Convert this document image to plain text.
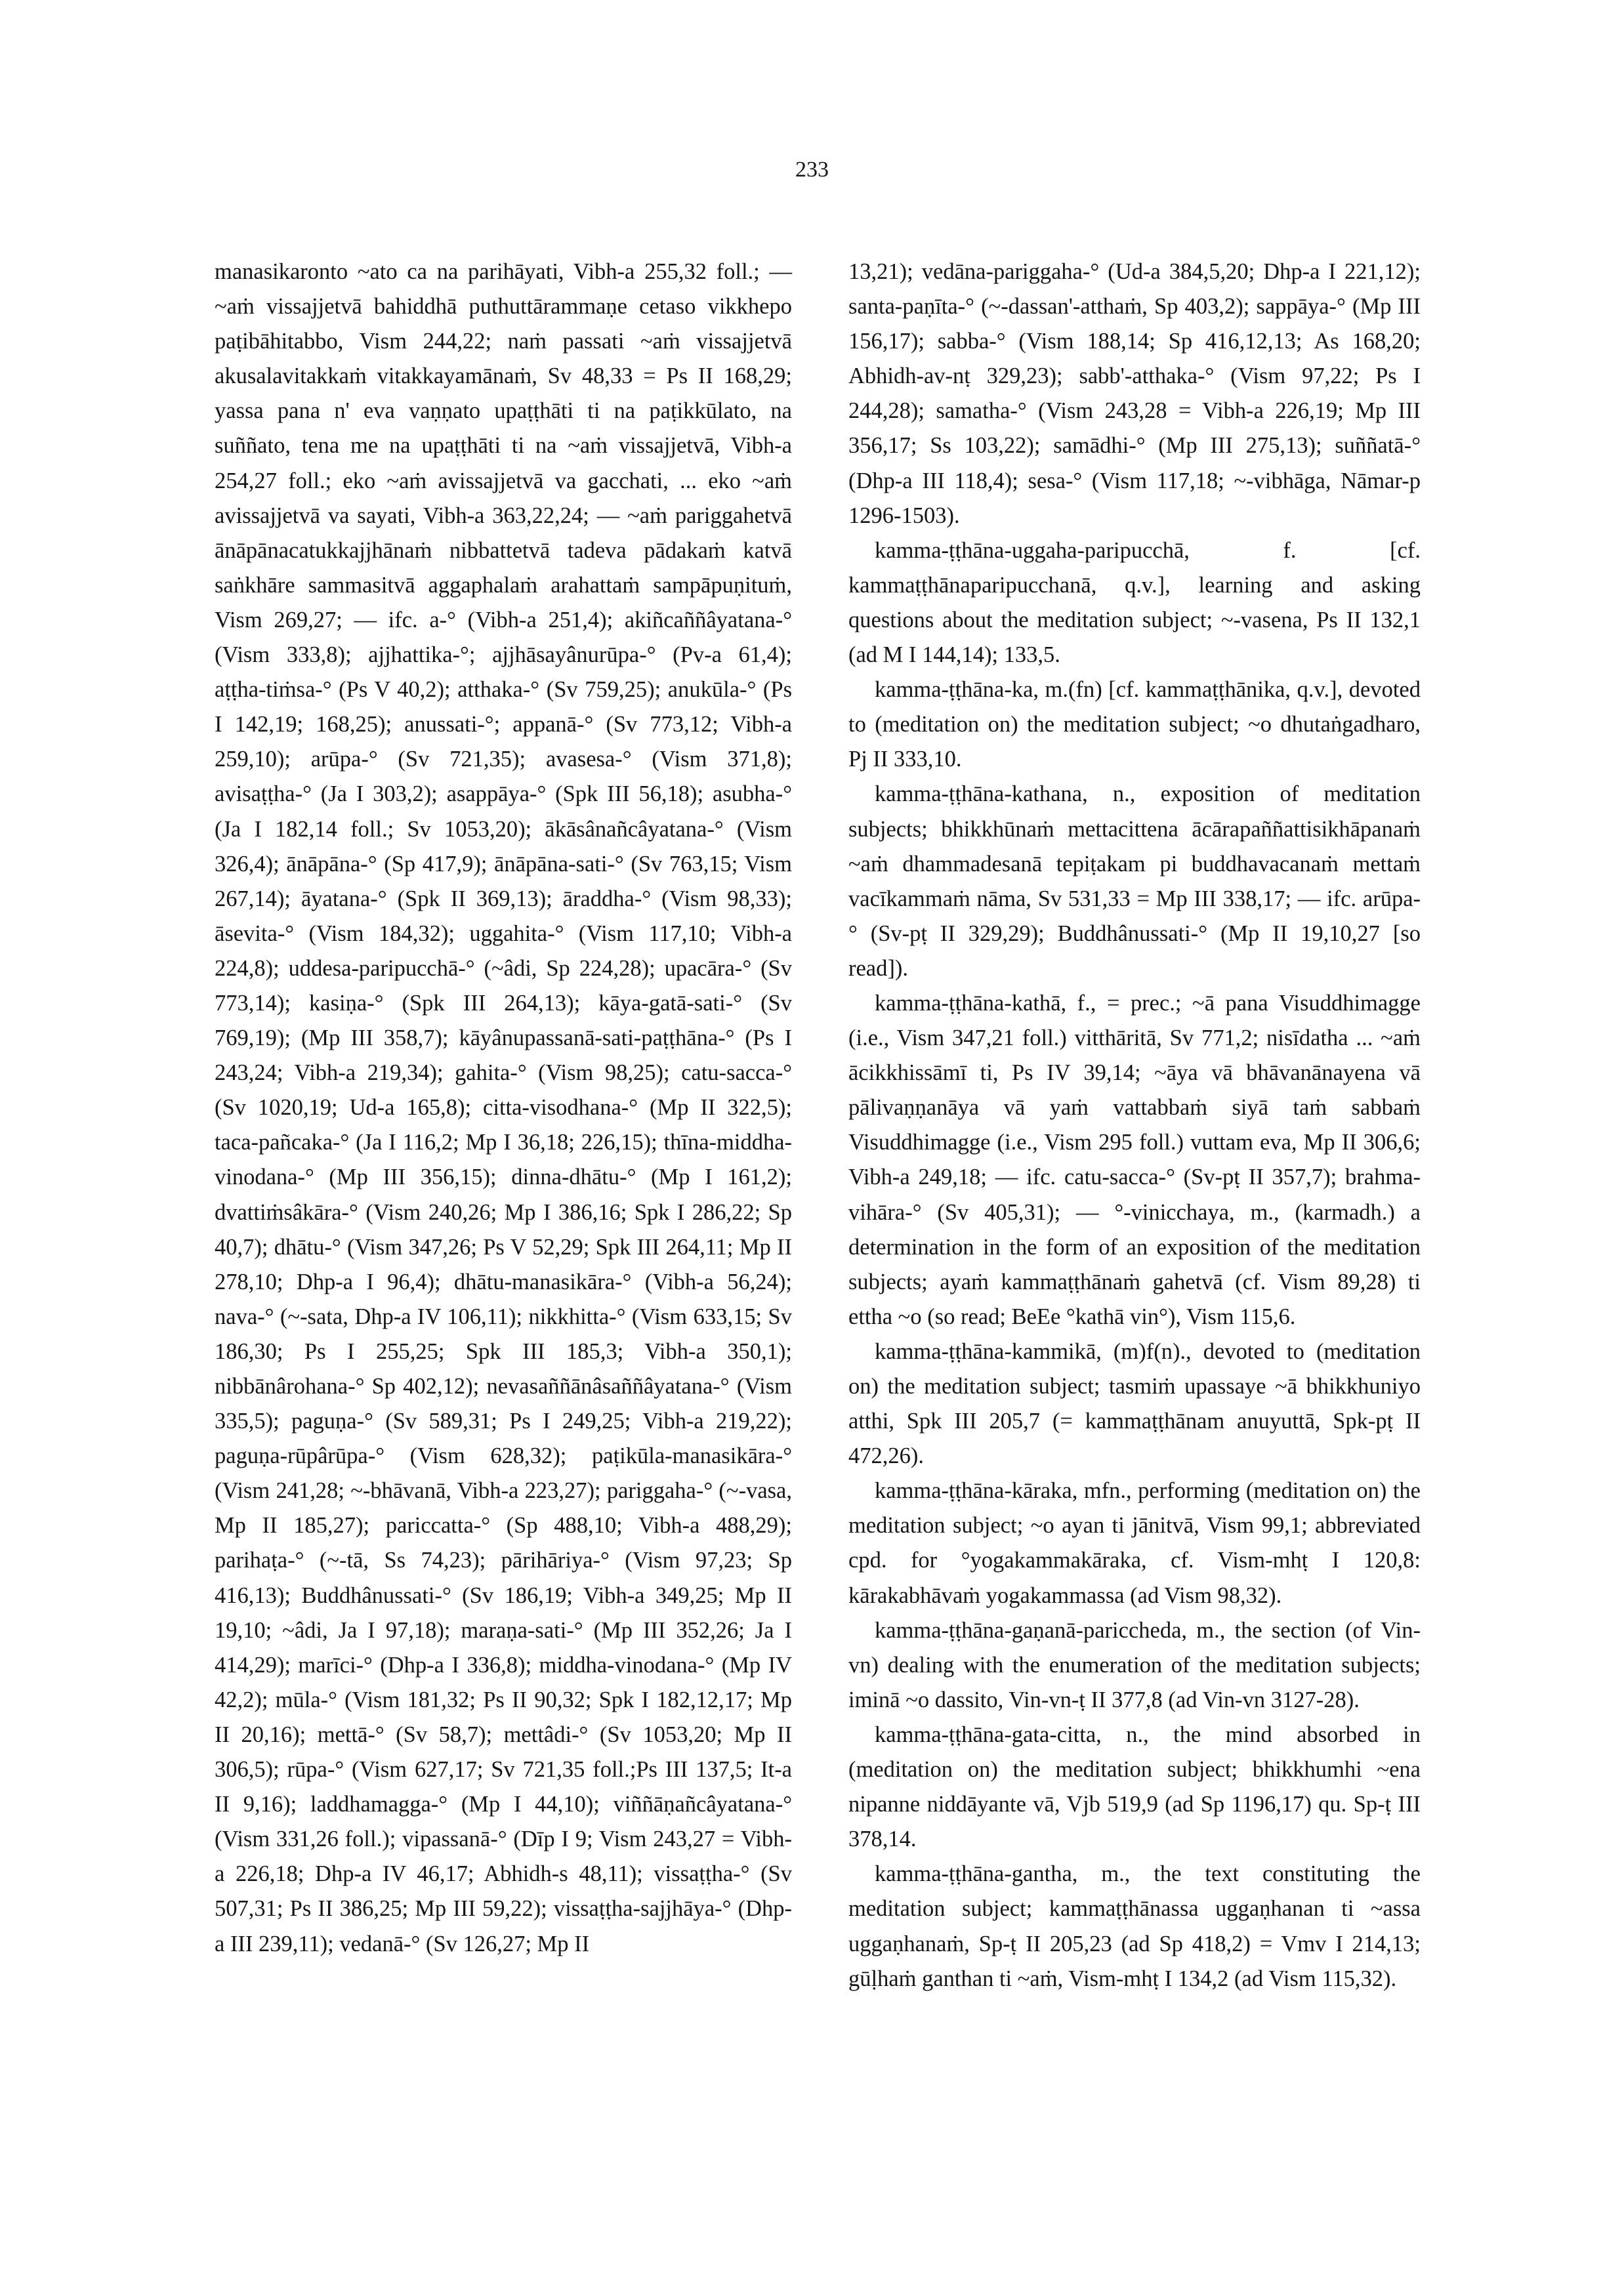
233

manasikaronto ~ato ca na parihāyati, Vibh-a 255,32 foll.; — ~aṁ vissajjetvā bahiddhā puthuttārammaṇe cetaso vikkhepo paṭibāhitabbo, Vism 244,22; naṁ passati ~aṁ vissajjetvā akusalavitakkaṁ vitakkayamānaṁ, Sv 48,33 = Ps II 168,29; yassa pana n' eva vaṇṇato upaṭṭhāti ti na paṭikkūlato, na suññato, tena me na upaṭṭhāti ti na ~aṁ vissajjetvā, Vibh-a 254,27 foll.; eko ~aṁ avissajjetvā va gacchati, ... eko ~aṁ avissajjetvā va sayati, Vibh-a 363,22,24; — ~aṁ pariggahetvā ānāpānacatukkajjhānaṁ nibbattetvā tadeva pādakaṁ katvā saṅkhāre sammasitvā aggaphalaṁ arahattaṁ sampāpuṇituṁ, Vism 269,27; — ifc. a-° (Vibh-a 251,4); akiñcaññâyatana-° (Vism 333,8); ajjhattika-°; ajjhāsayânurūpa-° (Pv-a 61,4); aṭṭha-tiṁsa-° (Ps V 40,2); atthaka-° (Sv 759,25); anukūla-° (Ps I 142,19; 168,25); anussati-°; appanā-° (Sv 773,12; Vibh-a 259,10); arūpa-° (Sv 721,35); avasesa-° (Vism 371,8); avisaṭṭha-° (Ja I 303,2); asappāya-° (Spk III 56,18); asubha-° (Ja I 182,14 foll.; Sv 1053,20); ākāsânañcâyatana-° (Vism 326,4); ānāpāna-° (Sp 417,9); ānāpāna-sati-° (Sv 763,15; Vism 267,14); āyatana-° (Spk II 369,13); āraddha-° (Vism 98,33); āsevita-° (Vism 184,32); uggahita-° (Vism 117,10; Vibh-a 224,8); uddesa-paripucchā-° (~âdi, Sp 224,28); upacāra-° (Sv 773,14); kasiṇa-° (Spk III 264,13); kāya-gatā-sati-° (Sv 769,19); (Mp III 358,7); kāyânupassanā-sati-paṭṭhāna-° (Ps I 243,24; Vibh-a 219,34); gahita-° (Vism 98,25); catu-sacca-° (Sv 1020,19; Ud-a 165,8); citta-visodhana-° (Mp II 322,5); taca-pañcaka-° (Ja I 116,2; Mp I 36,18; 226,15); thīna-middha-vinodana-° (Mp III 356,15); dinna-dhātu-° (Mp I 161,2); dvattiṁsâkāra-° (Vism 240,26; Mp I 386,16; Spk I 286,22; Sp 40,7); dhātu-° (Vism 347,26; Ps V 52,29; Spk III 264,11; Mp II 278,10; Dhp-a I 96,4); dhātu-manasikāra-° (Vibh-a 56,24); nava-° (~-sata, Dhp-a IV 106,11); nikkhitta-° (Vism 633,15; Sv 186,30; Ps I 255,25; Spk III 185,3; Vibh-a 350,1); nibbānârohana-° Sp 402,12); nevasaññānâsaññâyatana-° (Vism 335,5); paguṇa-° (Sv 589,31; Ps I 249,25; Vibh-a 219,22); paguṇa-rūpârūpa-° (Vism 628,32); paṭikūla-manasikāra-° (Vism 241,28; ~-bhāvanā, Vibh-a 223,27); pariggaha-° (~-vasa, Mp II 185,27); pariccatta-° (Sp 488,10; Vibh-a 488,29); parihaṭa-° (~-tā, Ss 74,23); pārihāriya-° (Vism 97,23; Sp 416,13); Buddhânussati-° (Sv 186,19; Vibh-a 349,25; Mp II 19,10; ~âdi, Ja I 97,18); maraṇa-sati-° (Mp III 352,26; Ja I 414,29); marīci-° (Dhp-a I 336,8); middha-vinodana-° (Mp IV 42,2); mūla-° (Vism 181,32; Ps II 90,32; Spk I 182,12,17; Mp II 20,16); mettā-° (Sv 58,7); mettâdi-° (Sv 1053,20; Mp II 306,5); rūpa-° (Vism 627,17; Sv 721,35 foll.;Ps III 137,5; It-a II 9,16); laddhamagga-° (Mp I 44,10); viññāṇañcâyatana-° (Vism 331,26 foll.); vipassanā-° (Dīp I 9; Vism 243,27 = Vibh-a 226,18; Dhp-a IV 46,17; Abhidh-s 48,11); vissaṭṭha-° (Sv 507,31; Ps II 386,25; Mp III 59,22); vissaṭṭha-sajjhāya-° (Dhp-a III 239,11); vedanā-° (Sv 126,27; Mp II

13,21); vedāna-pariggaha-° (Ud-a 384,5,20; Dhp-a I 221,12); santa-paṇīta-° (~-dassan'-atthaṁ, Sp 403,2); sappāya-° (Mp III 156,17); sabba-° (Vism 188,14; Sp 416,12,13; As 168,20; Abhidh-av-nṭ 329,23); sabb'-atthaka-° (Vism 97,22; Ps I 244,28); samatha-° (Vism 243,28 = Vibh-a 226,19; Mp III 356,17; Ss 103,22); samādhi-° (Mp III 275,13); suññatā-° (Dhp-a III 118,4); sesa-° (Vism 117,18; ~-vibhāga, Nāmar-p 1296-1503).

kamma-ṭṭhāna-uggaha-paripucchā, f. [cf. kammaṭṭhānaparipucchanā, q.v.], learning and asking questions about the meditation subject; ~-vasena, Ps II 132,1 (ad M I 144,14); 133,5.

kamma-ṭṭhāna-ka, m.(fn) [cf. kammaṭṭhānika, q.v.], devoted to (meditation on) the meditation subject; ~o dhutaṅgadharo, Pj II 333,10.

kamma-ṭṭhāna-kathana, n., exposition of meditation subjects; bhikkhūnaṁ mettacittena ācārapaññattisikhāpanaṁ ~aṁ dhammadesanā tepiṭakam pi buddhavacanaṁ mettaṁ vacīkammaṁ nāma, Sv 531,33 = Mp III 338,17; — ifc. arūpa-° (Sv-pṭ II 329,29); Buddhânussati-° (Mp II 19,10,27 [so read]).

kamma-ṭṭhāna-kathā, f., = prec.; ~ā pana Visuddhimagge (i.e., Vism 347,21 foll.) vitthāritā, Sv 771,2; nisīdatha ... ~aṁ ācikkhissāmī ti, Ps IV 39,14; ~āya vā bhāvanānayena vā pālivaṇṇanāya vā yaṁ vattabbaṁ siyā taṁ sabbaṁ Visuddhimagge (i.e., Vism 295 foll.) vuttam eva, Mp II 306,6; Vibh-a 249,18; — ifc. catu-sacca-° (Sv-pṭ II 357,7); brahma-vihāra-° (Sv 405,31); — °-vinicchaya, m., (karmadh.) a determination in the form of an exposition of the meditation subjects; ayaṁ kammaṭṭhānaṁ gahetvā (cf. Vism 89,28) ti ettha ~o (so read; BeEe °kathā vin°), Vism 115,6.

kamma-ṭṭhāna-kammikā, (m)f(n)., devoted to (meditation on) the meditation subject; tasmiṁ upassaye ~ā bhikkhuniyo atthi, Spk III 205,7 (= kammaṭṭhānam anuyuttā, Spk-pṭ II 472,26).

kamma-ṭṭhāna-kāraka, mfn., performing (meditation on) the meditation subject; ~o ayan ti jānitvā, Vism 99,1; abbreviated cpd. for °yogakammakāraka, cf. Vism-mhṭ I 120,8: kārakabhāvaṁ yogakammassa (ad Vism 98,32).

kamma-ṭṭhāna-gaṇanā-pariccheda, m., the section (of Vin-vn) dealing with the enumeration of the meditation subjects; iminā ~o dassito, Vin-vn-ṭ II 377,8 (ad Vin-vn 3127-28).

kamma-ṭṭhāna-gata-citta, n., the mind absorbed in (meditation on) the meditation subject; bhikkhumhi ~ena nipanne niddāyante vā, Vjb 519,9 (ad Sp 1196,17) qu. Sp-ṭ III 378,14.

kamma-ṭṭhāna-gantha, m., the text constituting the meditation subject; kammaṭṭhānassa uggaṇhanan ti ~assa uggaṇhanaṁ, Sp-ṭ II 205,23 (ad Sp 418,2) = Vmv I 214,13; gūḷhaṁ ganthan ti ~aṁ, Vism-mhṭ I 134,2 (ad Vism 115,32).
